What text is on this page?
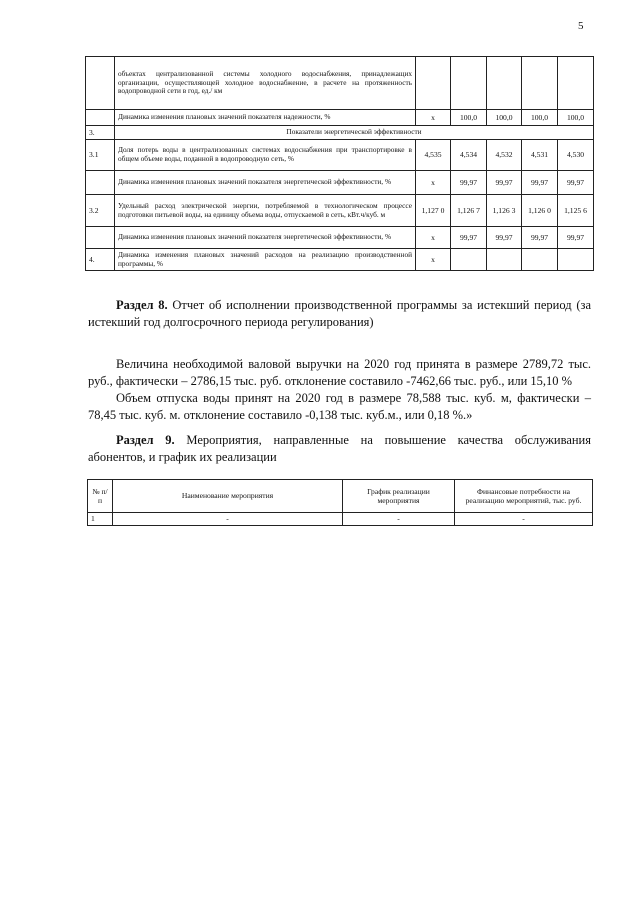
5
	объектах централизованной системы холодного водоснабжения, принадлежащих организации, осуществляющей холодное водоснабжение, в расчете на протяженность водопроводной сети в год, ед./ км					
	Динамика изменения плановых значений показателя надежности, %	х	100,0	100,0	100,0	100,0
3.	Показатели энергетической эффективности					
3.1	Доля потерь воды в централизованных системах водоснабжения при транспортировке в общем объеме воды, поданной в водопроводную сеть, %	4,535	4,534	4,532	4,531	4,530
	Динамика изменения плановых значений показателя энергетической эффективности, %	х	99,97	99,97	99,97	99,97
3.2	Удельный расход электрической энергии, потребляемой в технологическом процессе подготовки питьевой воды, на единицу объема воды, отпускаемой в сеть, кВт.ч/куб. м	1,127 0	1,126 7	1,126 3	1,126 0	1,125 6
	Динамика изменения плановых значений показателя энергетической эффективности, %	х	99,97	99,97	99,97	99,97
4.	Динамика изменения плановых значений расходов на реализацию производственной программы, %	х				
Раздел 8. Отчет об исполнении производственной программы за истекший период (за истекший год долгосрочного периода регулирования)
Величина необходимой валовой выручки на 2020 год принята в размере 2789,72 тыс. руб., фактически – 2786,15 тыс. руб. отклонение составило -7462,66 тыс. руб., или 15,10 %
Объем отпуска воды принят на 2020 год в размере 78,588 тыс. куб. м, фактически – 78,45 тыс. куб. м. отклонение составило -0,138 тыс. куб.м., или 0,18 %.»
Раздел 9. Мероприятия, направленные на повышение качества обслуживания абонентов, и график их реализации
№ п/п	Наименование мероприятия	График реализации мероприятия	Финансовые потребности на реализацию мероприятий, тыс. руб.
1	-	-	-
